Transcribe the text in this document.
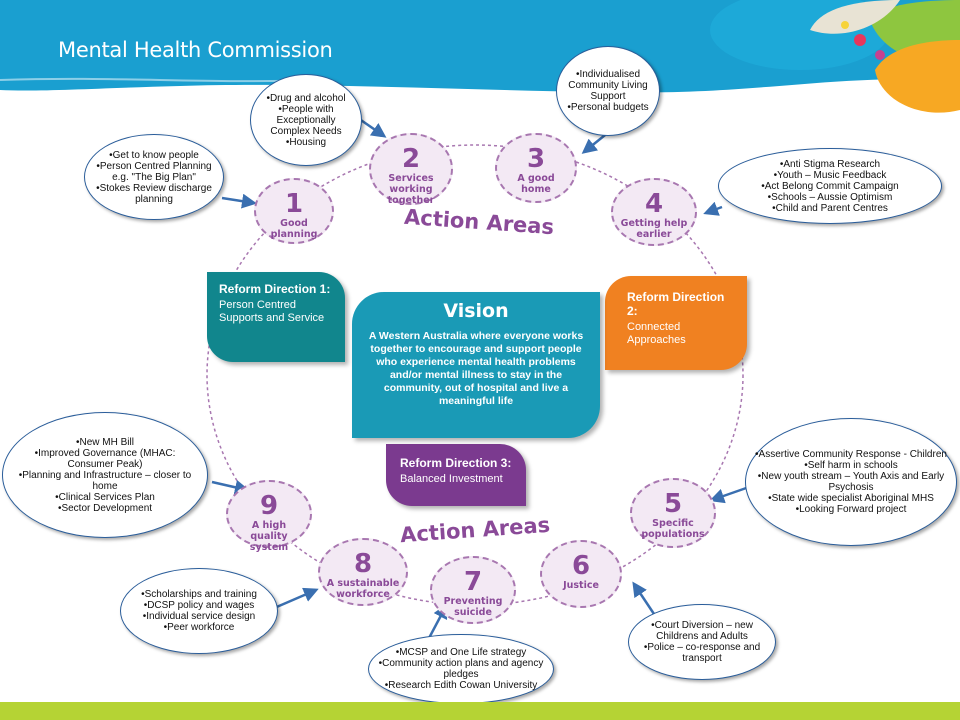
Mental Health Commission
Action Areas
Action Areas
1
Good planning
2
Services working together
3
A good home	4
Getting help earlier
5
Specific populations
6
Justice
7
Preventing suicide
8
A sustainable workforce
9
A high quality system
Reform Direction 1:
Person Centred Supports and Service
Reform Direction 2:
Connected Approaches
Reform Direction 3:
Balanced Investment
Vision
A Western Australia where everyone works together to encourage and support people who experience mental health problems and/or mental illness to stay in the community, out of hospital and live a meaningful life
•Get to know people
•Person Centred Planning e.g. "The Big Plan"
•Stokes Review discharge planning
•Drug and alcohol
•People with Exceptionally Complex Needs
•Housing
•Individualised Community Living Support
•Personal budgets
•Anti Stigma Research
•Youth – Music Feedback
•Act Belong Commit Campaign
•Schools – Aussie Optimism
•Child and Parent Centres
•Assertive Community Response - Children
•Self harm in schools
•New youth stream – Youth Axis and Early Psychosis
•State wide specialist Aboriginal MHS
•Looking Forward project
•Court Diversion – new Childrens and Adults
•Police – co-response and transport
•MCSP and One Life strategy
•Community action plans and agency pledges
•Research Edith Cowan University
•Scholarships and training
•DCSP policy and wages
•Individual service design
•Peer workforce
•New MH Bill
•Improved Governance (MHAC: Consumer Peak)
•Planning and Infrastructure – closer to home
•Clinical Services Plan
•Sector Development
